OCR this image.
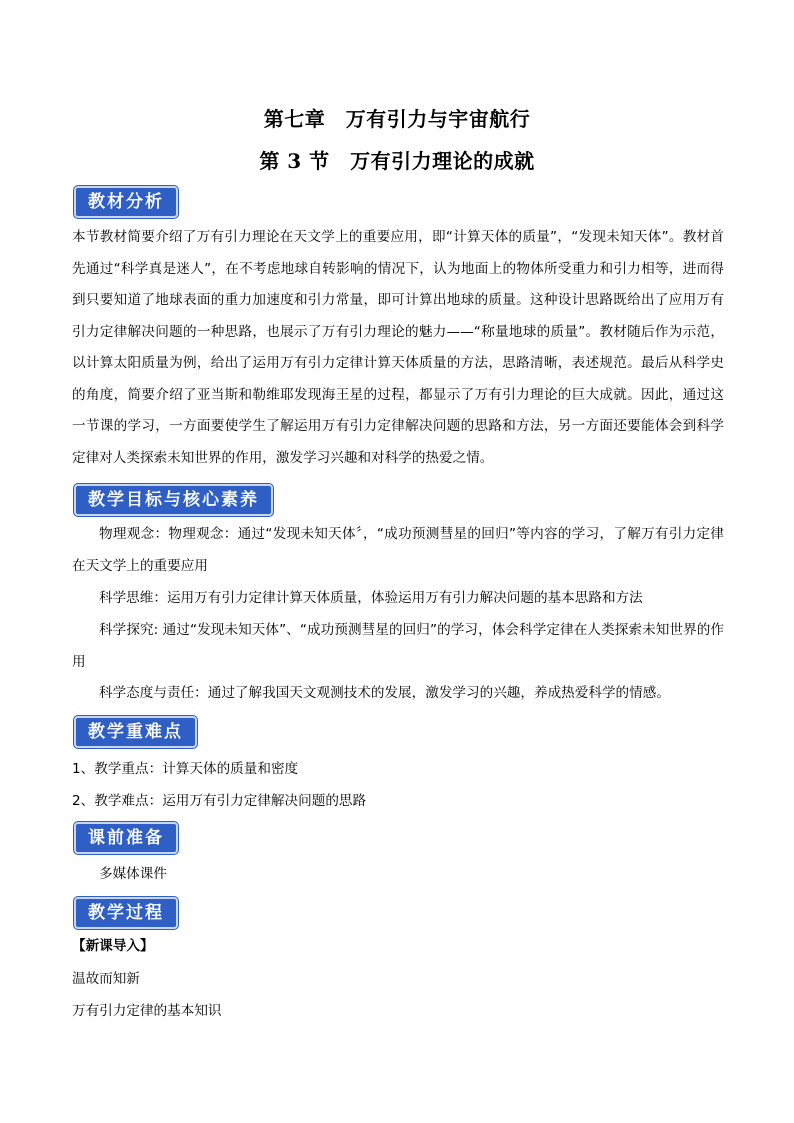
第七章　万有引力与宇宙航行
第 3 节　万有引力理论的成就
教材分析
本节教材简要介绍了万有引力理论在天文学上的重要应用，即“计算天体的质量”，“发现未知天体”。教材首先通过“科学真是迷人”，在不考虑地球自转影响的情况下，认为地面上的物体所受重力和引力相等，进而得到只要知道了地球表面的重力加速度和引力常量，即可计算出地球的质量。这种设计思路既给出了应用万有引力定律解决问题的一种思路，也展示了万有引力理论的魅力——“称量地球的质量”。教材随后作为示范，以计算太阳质量为例，给出了运用万有引力定律计算天体质量的方法，思路清晰，表述规范。最后从科学史的角度，简要介绍了亚当斯和勒维耶发现海王星的过程，都显示了万有引力理论的巨大成就。因此，通过这一节课的学习，一方面要使学生了解运用万有引力定律解决问题的思路和方法，另一方面还要能体会到科学定律对人类探索未知世界的作用，激发学习兴趣和对科学的热爱之情。
教学目标与核心素养
物理观念：物理观念：通过“发现未知天体〞，“成功预测彗星的回归”等内容的学习，了解万有引力定律在天文学上的重要应用
科学思维：运用万有引力定律计算天体质量，体验运用万有引力解决问题的基本思路和方法
科学探究: 通过“发现未知天体”、“成功预测彗星的回归”的学习，体会科学定律在人类探索未知世界的作用
科学态度与责任：通过了解我国天文观测技术的发展，激发学习的兴趣，养成热爱科学的情感。
教学重难点
1、教学重点：计算天体的质量和密度
2、教学难点：运用万有引力定律解决问题的思路
课前准备
多媒体课件
教学过程
【新课导入】
温故而知新
万有引力定律的基本知识
